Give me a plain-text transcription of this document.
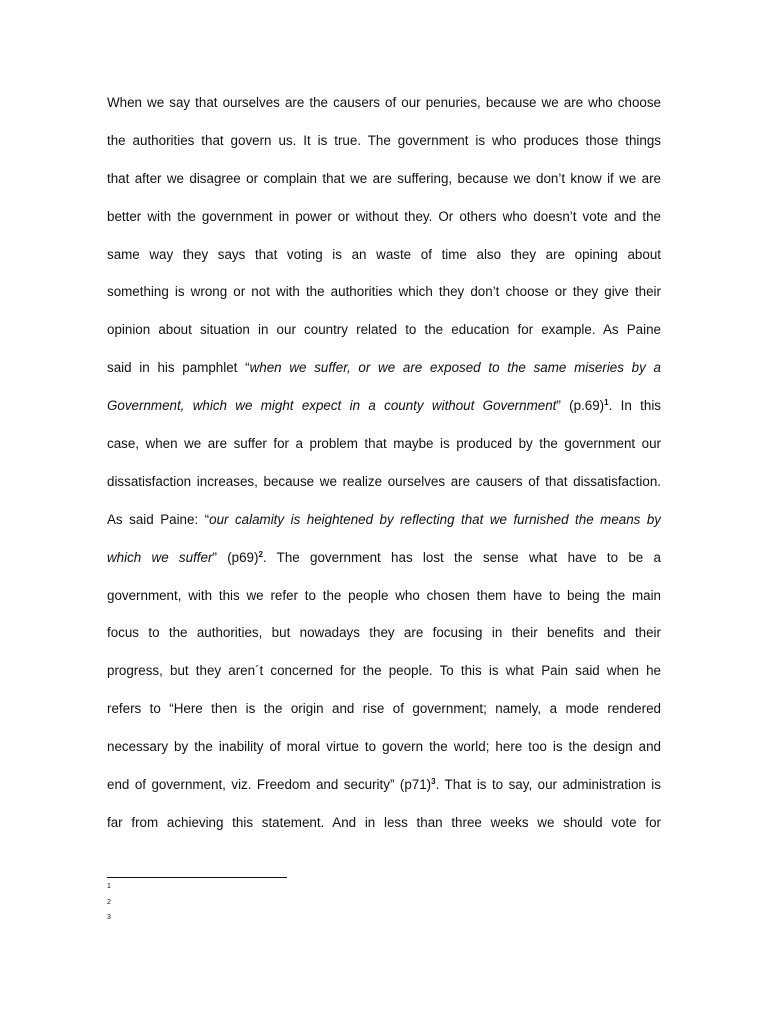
When we say that ourselves are the causers of our penuries, because we are who choose
the authorities that govern us. It is true. The government is who produces those things
that after we disagree or complain that we are suffering, because we don’t know if we are
better with the government in power or without they. Or others who doesn’t vote and the
same way they says that voting is an waste of time also they are opining about
something is wrong or not with the authorities which they don’t choose or they give their
opinion about situation in our country related to the education for example. As Paine
said in his pamphlet “when we suffer, or we are exposed to the same miseries by a
Government, which we might expect in a county without Government” $(p.69)^1$. In this
case, when we are suffer for a problem that maybe is produced by the government our
dissatisfaction increases, because we realize ourselves are causers of that dissatisfaction.
As said Paine: “our calamity is heightened by reflecting that we furnished the means by
which we suffer” $(p69)^2$. The government has lost the sense what have to be a
government, with this we refer to the people who chosen them have to being the main
focus to the authorities, but nowadays they are focusing in their benefits and their
progress, but they aren´t concerned for the people. To this is what Pain said when he
refers to “Here then is the origin and rise of government; namely, a mode rendered
necessary by the inability of moral virtue to govern the world; here too is the design and
end of government, viz. Freedom and security” $(p71)^3$. That is to say, our administration is
far from achieving this statement. And in less than three weeks we should vote for
1
2
3
